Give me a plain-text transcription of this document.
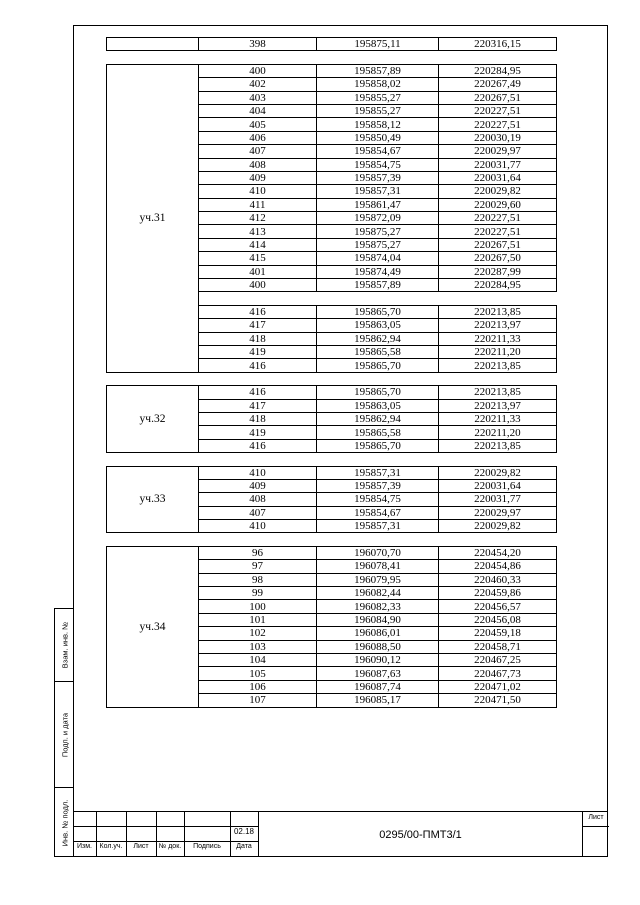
Взам. инв. №
Подп. и дата
Инв. № подл.
	398	195875,11	220316,15

уч.31	400	195857,89	220284,95
	402	195858,02	220267,49
	403	195855,27	220267,51
	404	195855,27	220227,51
	405	195858,12	220227,51
	406	195850,49	220030,19
	407	195854,67	220029,97
	408	195854,75	220031,77
	409	195857,39	220031,64
	410	195857,31	220029,82
	411	195861,47	220029,60
	412	195872,09	220227,51
	413	195875,27	220227,51
	414	195875,27	220267,51
	415	195874,04	220267,50
	401	195874,49	220287,99
	400	195857,89	220284,95

	416	195865,70	220213,85
	417	195863,05	220213,97
	418	195862,94	220211,33
	419	195865,58	220211,20
	416	195865,70	220213,85

уч.32	416	195865,70	220213,85
	417	195863,05	220213,97
	418	195862,94	220211,33
	419	195865,58	220211,20
	416	195865,70	220213,85

уч.33	410	195857,31	220029,82
	409	195857,39	220031,64
	408	195854,75	220031,77
	407	195854,67	220029,97
	410	195857,31	220029,82

уч.34	96	196070,70	220454,20
	97	196078,41	220454,86
	98	196079,95	220460,33
	99	196082,44	220459,86
	100	196082,33	220456,57
	101	196084,90	220456,08
	102	196086,01	220459,18
	103	196088,50	220458,71
	104	196090,12	220467,25
	105	196087,63	220467,73
	106	196087,74	220471,02
	107	196085,17	220471,50
02.18
Изм.	Кол.уч.	Лист	№ док.	Подпись	Дата
0295/00-ПМТ3/1
Лист
